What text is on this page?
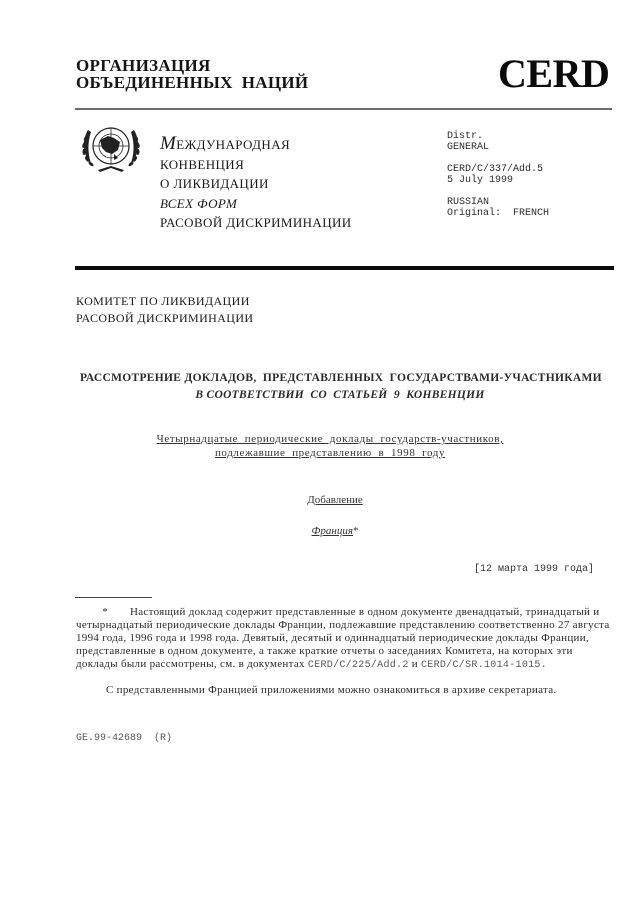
ОРГАНИЗАЦИЯ
ОБЪЕДИНЕННЫХ  НАЦИЙ	CERD
МЕЖДУНАРОДНАЯ
КОНВЕНЦИЯ
О ЛИКВИДАЦИИ
ВСЕХ ФОРМ
РАСОВОЙ ДИСКРИМИНАЦИИ
Distr.
GENERAL
CERD/C/337/Add.5
5 July 1999
RUSSIAN
Original:  FRENCH
КОМИТЕТ ПО ЛИКВИДАЦИИ
РАСОВОЙ ДИСКРИМИНАЦИИ
РАССМОТРЕНИЕ ДОКЛАДОВ,  ПРЕДСТАВЛЕННЫХ  ГОСУДАРСТВАМИ-УЧАСТНИКАМИ
В СООТВЕТСТВИИ  СО  СТАТЬЕЙ  9  КОНВЕНЦИИ
Четырнадцатые  периодические  доклады  государств-участников,
подлежавшие  представлению  в  1998  году
Добавление
Франция*
[12 марта 1999 года]

* Настоящий доклад содержит представленные в одном документе двенадцатый, тринадцатый и четырнадцатый периодические доклады Франции, подлежавшие представлению соответственно 27 августа 1994 года, 1996 года и 1998 года. Девятый, десятый и одиннадцатый периодические доклады Франции, представленные в одном документе, а также краткие отчеты о заседаниях Комитета, на которых эти доклады были рассмотрены, см. в документах CERD/C/225/Add.2 и CERD/C/SR.1014-1015.

С представленными Францией приложениями можно ознакомиться в архиве секретариата.

GE.99-42689  (R)
